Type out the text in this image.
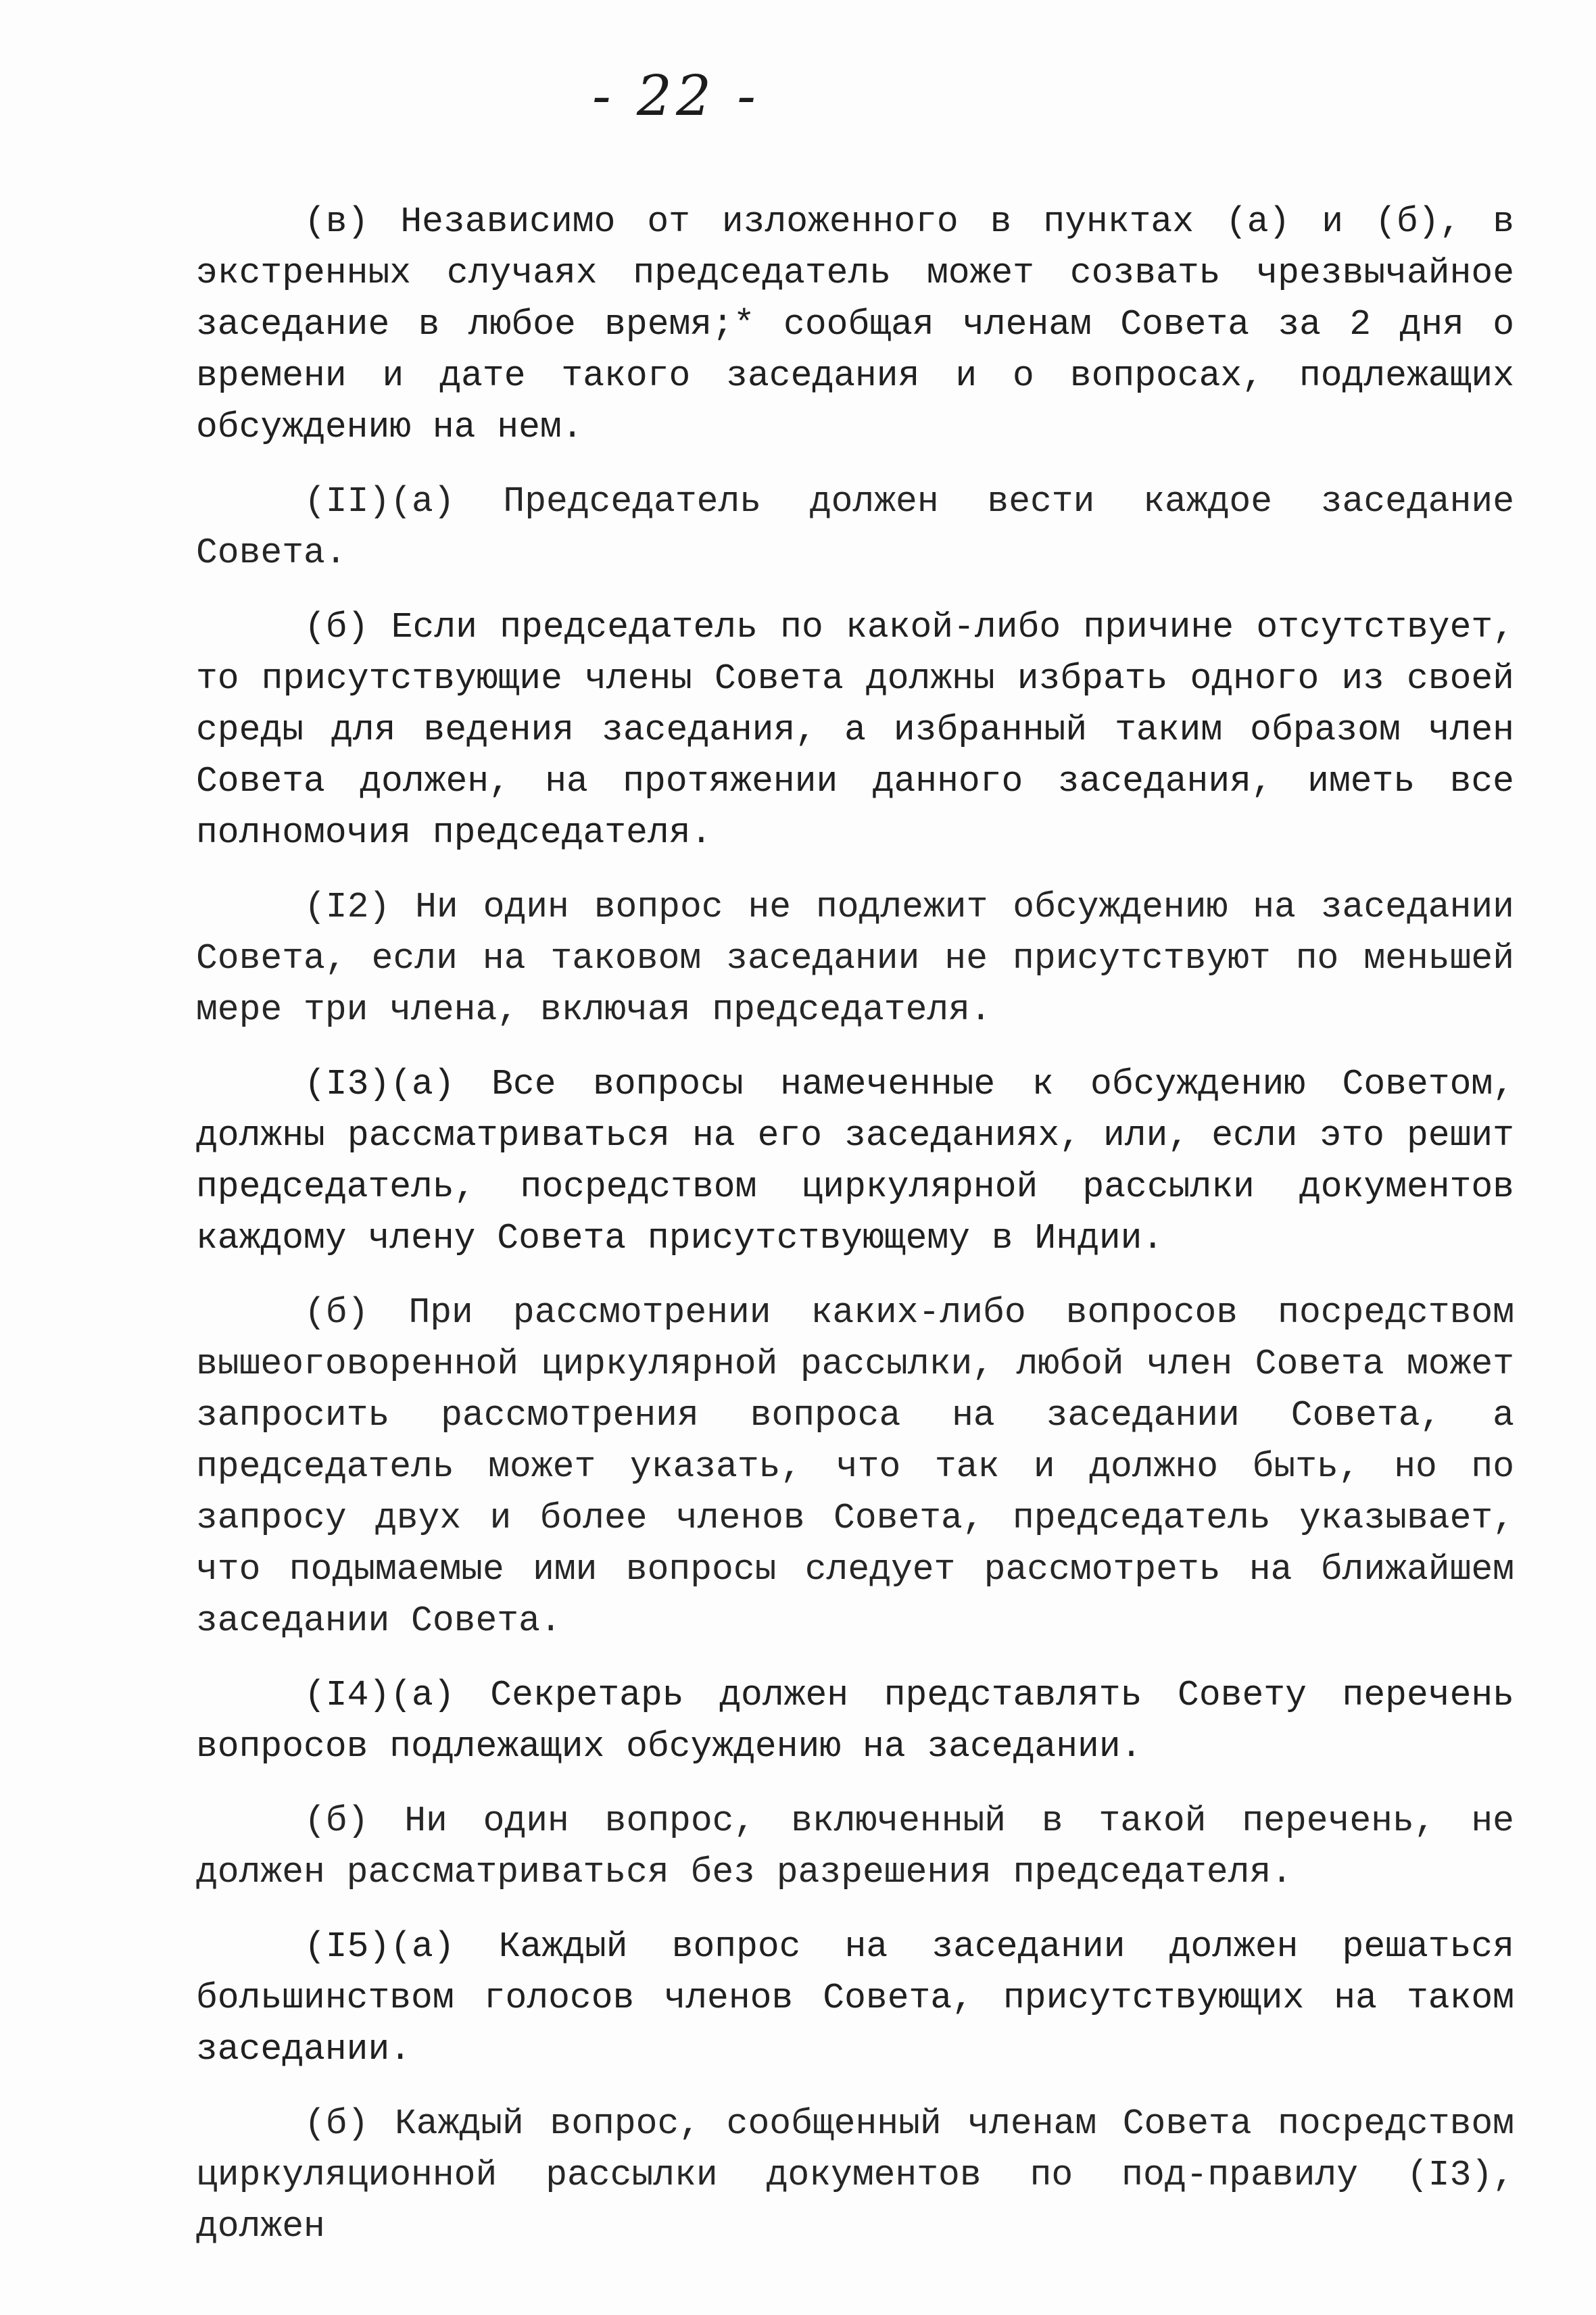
- 22 -

(в) Независимо от изложенного в пунктах (а) и (б), в экстренных случаях председатель может созвать чрезвычайное заседание в любое время;* сообщая членам Совета за 2 дня о времени и дате такого заседания и о вопросах, подлежащих обсуждению на нем.

(II)(а) Председатель должен вести каждое заседание Совета.

(б) Если председатель по какой-либо причине отсутствует, то присутствующие члены Совета должны избрать одного из своей среды для ведения заседания, а избранный таким образом член Совета должен, на протяжении данного заседания, иметь все полномочия председателя.

(I2) Ни один вопрос не подлежит обсуждению на заседании Совета, если на таковом заседании не присутствуют по меньшей мере три члена, включая председателя.

(I3)(а) Все вопросы намеченные к обсуждению Советом, должны рассматриваться на его заседаниях, или, если это решит председатель, посредством циркулярной рассылки документов каждому члену Совета присутствующему в Индии.

(б) При рассмотрении каких-либо вопросов посредством вышеоговоренной циркулярной рассылки, любой член Совета может запросить рассмотрения вопроса на заседании Совета, а председатель может указать, что так и должно быть, но по запросу двух и более членов Совета, председатель указывает, что подымаемые ими вопросы следует рассмотреть на ближайшем заседании Совета.

(I4)(а) Секретарь должен представлять Совету перечень вопросов подлежащих обсуждению на заседании.

(б) Ни один вопрос, включенный в такой перечень, не должен рассматриваться без разрешения председателя.

(I5)(а) Каждый вопрос на заседании должен решаться большинством голосов членов Совета, присутствующих на таком заседании.

(б) Каждый вопрос, сообщенный членам Совета посредством циркуляционной рассылки документов по под-правилу (I3), должен
